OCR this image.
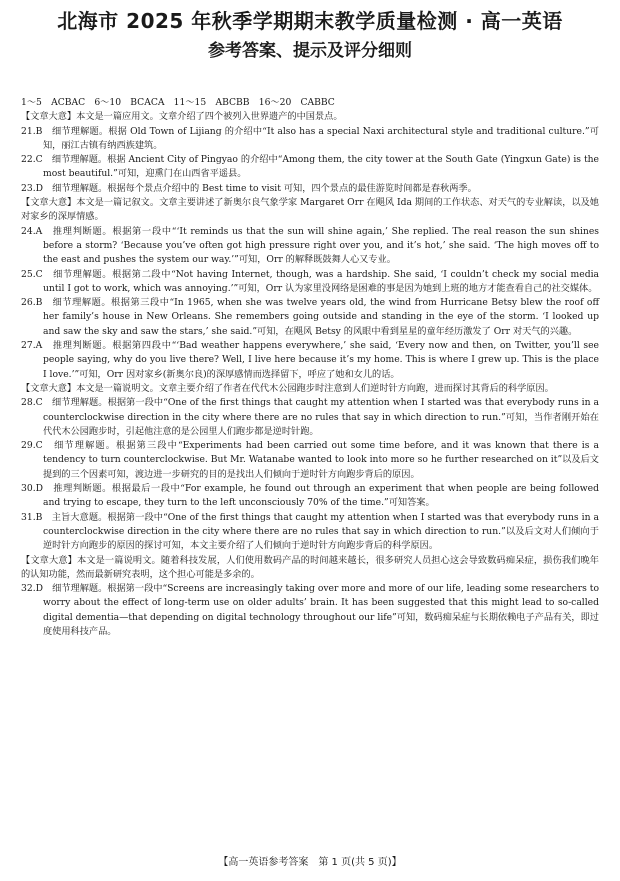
北海市 2025 年秋季学期期末教学质量检测 · 高一英语
参考答案、提示及评分细则

1～5　ACBAC　6～10　BCACA　11～15　ABCBB　16～20　CABBC

【文章大意】本文是一篇应用文。文章介绍了四个被列入世界遗产的中国景点。

21.B　细节理解题。根据 Old Town of Lijiang 的介绍中“It also has a special Naxi architectural style and traditional culture.”可知，丽江古镇有纳西族建筑。

22.C　细节理解题。根据 Ancient City of Pingyao 的介绍中“Among them, the city tower at the South Gate (Yingxun Gate) is the most beautiful.”可知，迎熏门在山西省平遥县。

23.D　细节理解题。根据每个景点介绍中的 Best time to visit 可知，四个景点的最佳游览时间都是春秋两季。

【文章大意】本文是一篇记叙文。文章主要讲述了新奥尔良气象学家 Margaret Orr 在飓风 Ida 期间的工作状态、对天气的专业解读，以及她对家乡的深厚情感。

24.A　推理判断题。根据第一段中“‘It reminds us that the sun will shine again,’ She replied. The real reason the sun shines before a storm? ‘Because you’ve often got high pressure right over you, and it’s hot,’ she said. ‘The high moves off to the east and pushes the system our way.’”可知，Orr 的解释既鼓舞人心又专业。

25.C　细节理解题。根据第二段中“Not having Internet, though, was a hardship. She said, ‘I couldn’t check my social media until I got to work, which was annoying.’”可知，Orr 认为家里没网络是困难的事是因为她到上班的地方才能查看自己的社交媒体。

26.B　细节理解题。根据第三段中“In 1965, when she was twelve years old, the wind from Hurricane Betsy blew the roof off her family’s house in New Orleans. She remembers going outside and standing in the eye of the storm. ‘I looked up and saw the sky and saw the stars,’ she said.”可知，在飓风 Betsy 的风眼中看到星星的童年经历激发了 Orr 对天气的兴趣。

27.A　推理判断题。根据第四段中“‘Bad weather happens everywhere,’ she said, ‘Every now and then, on Twitter, you’ll see people saying, why do you live there? Well, I live here because it’s my home. This is where I grew up. This is the place I love.’”可知，Orr 因对家乡(新奥尔良)的深厚感情而选择留下，呼应了她和女儿的话。

【文章大意】本文是一篇说明文。文章主要介绍了作者在代代木公园跑步时注意到人们逆时针方向跑，进而探讨其背后的科学原因。

28.C　细节理解题。根据第一段中“One of the first things that caught my attention when I started was that everybody runs in a counterclockwise direction in the city where there are no rules that say in which direction to run.”可知，当作者刚开始在代代木公园跑步时，引起他注意的是公园里人们跑步都是逆时针跑。

29.C　细节理解题。根据第三段中“Experiments had been carried out some time before, and it was known that there is a tendency to turn counterclockwise. But Mr. Watanabe wanted to look into more so he further researched on it”以及后文提到的三个因素可知，渡边进一步研究的目的是找出人们倾向于逆时针方向跑步背后的原因。

30.D　推理判断题。根据最后一段中“For example, he found out through an experiment that when people are being followed and trying to escape, they turn to the left unconsciously 70% of the time.”可知答案。

31.B　主旨大意题。根据第一段中“One of the first things that caught my attention when I started was that everybody runs in a counterclockwise direction in the city where there are no rules that say in which direction to run.”以及后文对人们倾向于逆时针方向跑步的原因的探讨可知，本文主要介绍了人们倾向于逆时针方向跑步背后的科学原因。

【文章大意】本文是一篇说明文。随着科技发展，人们使用数码产品的时间越来越长，很多研究人员担心这会导致数码痴呆症，损伤我们晚年的认知功能，然而最新研究表明，这个担心可能是多余的。

32.D　细节理解题。根据第一段中“Screens are increasingly taking over more and more of our life, leading some researchers to worry about the effect of long-term use on older adults’ brain. It has been suggested that this might lead to so-called digital dementia—that depending on digital technology throughout our life”可知，数码痴呆症与长期依赖电子产品有关，即过度使用科技产品。

【高一英语参考答案　第 1 页(共 5 页)】
